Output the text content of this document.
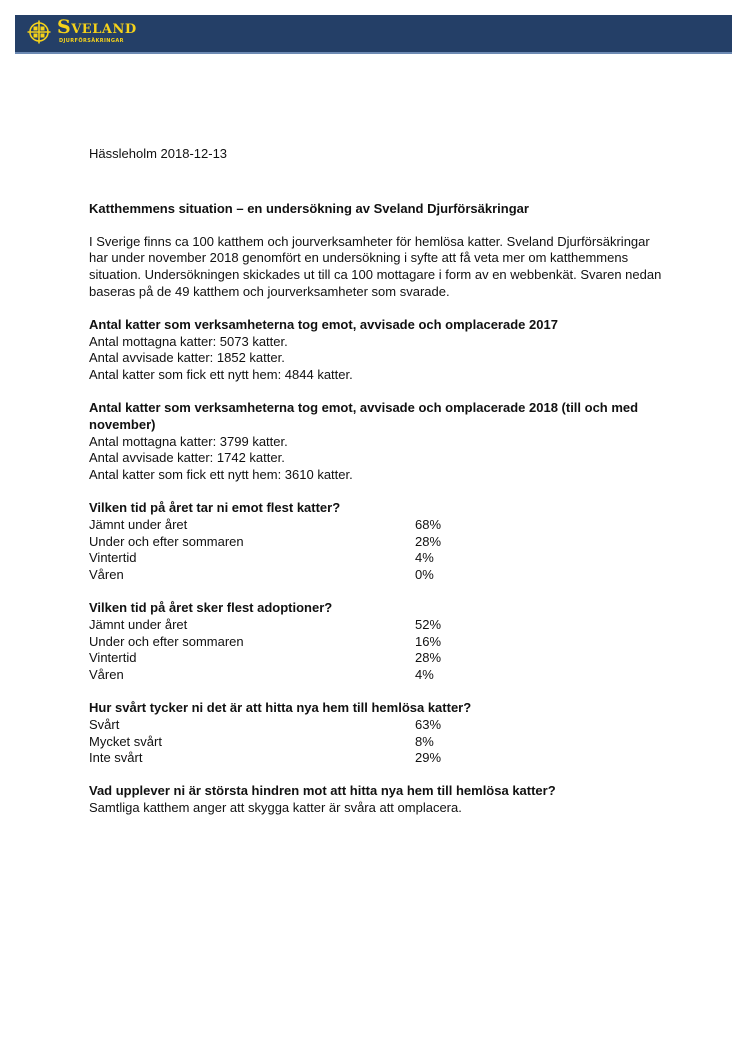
Sveland
DJURFÖRSÄKRINGAR

Hässleholm 2018-12-13

Katthemmens situation – en undersökning av Sveland Djurförsäkringar

I Sverige finns ca 100 katthem och jourverksamheter för hemlösa katter. Sveland Djurförsäkringar har under november 2018 genomfört en undersökning i syfte att få veta mer om katthemmens situation. Undersökningen skickades ut till ca 100 mottagare i form av en webbenkät. Svaren nedan baseras på de 49 katthem och jourverksamheter som svarade.

Antal katter som verksamheterna tog emot, avvisade och omplacerade 2017

Antal mottagna katter: 5073 katter.

Antal avvisade katter: 1852 katter.

Antal katter som fick ett nytt hem: 4844 katter.

Antal katter som verksamheterna tog emot, avvisade och omplacerade 2018 (till och med november)

Antal mottagna katter: 3799 katter.

Antal avvisade katter: 1742 katter.

Antal katter som fick ett nytt hem: 3610 katter.

Vilken tid på året tar ni emot flest katter?
Jämnt under året	68%
Under och efter sommaren	28%
Vintertid	4%
Våren	0%
Vilken tid på året sker flest adoptioner?
Jämnt under året	52%
Under och efter sommaren	16%
Vintertid	28%
Våren	4%
Hur svårt tycker ni det är att hitta nya hem till hemlösa katter?
Svårt	63%
Mycket svårt	8%
Inte svårt	29%
Vad upplever ni är största hindren mot att hitta nya hem till hemlösa katter?

Samtliga katthem anger att skygga katter är svåra att omplacera.
